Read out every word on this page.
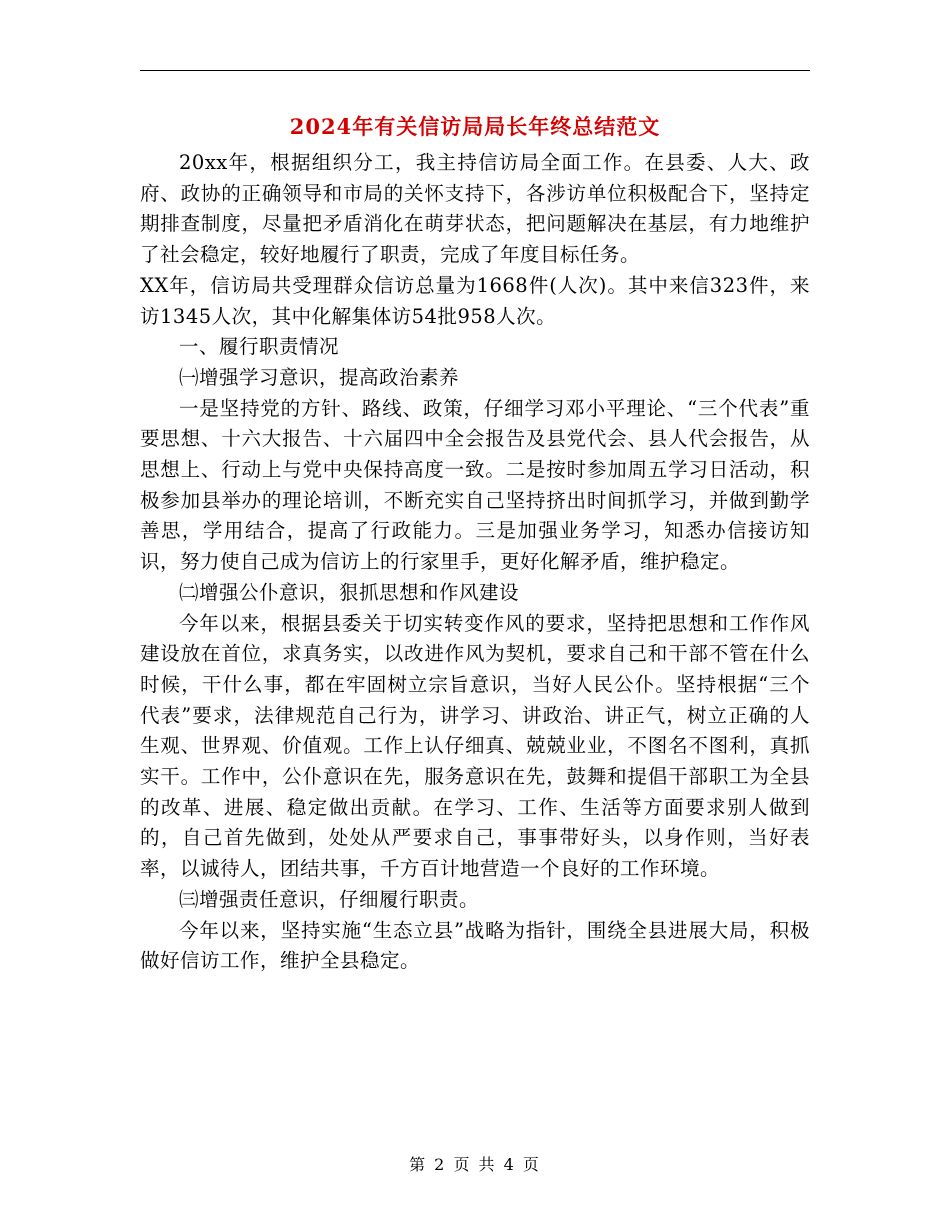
2024年有关信访局局长年终总结范文

20xx年，根据组织分工，我主持信访局全面工作。在县委、人大、政府、政协的正确领导和市局的关怀支持下，各涉访单位积极配合下，坚持定期排查制度，尽量把矛盾消化在萌芽状态，把问题解决在基层，有力地维护了社会稳定，较好地履行了职责，完成了年度目标任务。

XX年，信访局共受理群众信访总量为1668件(人次)。其中来信323件，来访1345人次，其中化解集体访54批958人次。

一、履行职责情况

㈠增强学习意识，提高政治素养

一是坚持党的方针、路线、政策，仔细学习邓小平理论、“三个代表”重要思想、十六大报告、十六届四中全会报告及县党代会、县人代会报告，从思想上、行动上与党中央保持高度一致。二是按时参加周五学习日活动，积极参加县举办的理论培训，不断充实自己坚持挤出时间抓学习，并做到勤学善思，学用结合，提高了行政能力。三是加强业务学习，知悉办信接访知识，努力使自己成为信访上的行家里手，更好化解矛盾，维护稳定。

㈡增强公仆意识，狠抓思想和作风建设

今年以来，根据县委关于切实转变作风的要求，坚持把思想和工作作风建设放在首位，求真务实，以改进作风为契机，要求自己和干部不管在什么时候，干什么事，都在牢固树立宗旨意识，当好人民公仆。坚持根据“三个代表”要求，法律规范自己行为，讲学习、讲政治、讲正气，树立正确的人生观、世界观、价值观。工作上认仔细真、兢兢业业，不图名不图利，真抓实干。工作中，公仆意识在先，服务意识在先，鼓舞和提倡干部职工为全县的改革、进展、稳定做出贡献。在学习、工作、生活等方面要求别人做到的，自己首先做到，处处从严要求自己，事事带好头，以身作则，当好表率，以诚待人，团结共事，千方百计地营造一个良好的工作环境。

㈢增强责任意识，仔细履行职责。

今年以来，坚持实施“生态立县”战略为指针，围绕全县进展大局，积极做好信访工作，维护全县稳定。

第 2 页 共 4 页
